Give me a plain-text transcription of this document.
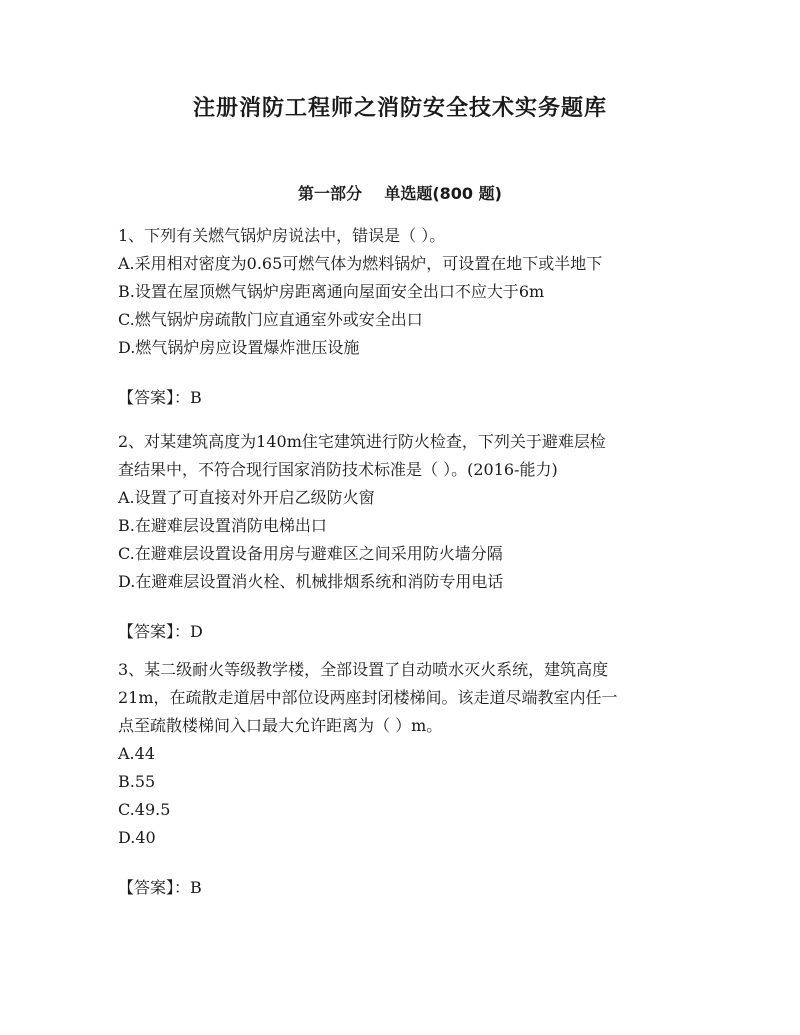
注册消防工程师之消防安全技术实务题库
第一部分    单选题(800 题)
1、下列有关燃气锅炉房说法中，错误是（ ）。
A.采用相对密度为0.65可燃气体为燃料锅炉，可设置在地下或半地下
B.设置在屋顶燃气锅炉房距离通向屋面安全出口不应大于6m
C.燃气锅炉房疏散门应直通室外或安全出口
D.燃气锅炉房应设置爆炸泄压设施
【答案】：B
2、对某建筑高度为140m住宅建筑进行防火检查，下列关于避难层检
查结果中，不符合现行国家消防技术标准是（ ）。(2016-能力)
A.设置了可直接对外开启乙级防火窗
B.在避难层设置消防电梯出口
C.在避难层设置设备用房与避难区之间采用防火墙分隔
D.在避难层设置消火栓、机械排烟系统和消防专用电话
【答案】：D
3、某二级耐火等级教学楼，全部设置了自动喷水灭火系统，建筑高度
21m，在疏散走道居中部位设两座封闭楼梯间。该走道尽端教室内任一
点至疏散楼梯间入口最大允许距离为（ ）m。
A.44
B.55
C.49.5
D.40
【答案】：B
